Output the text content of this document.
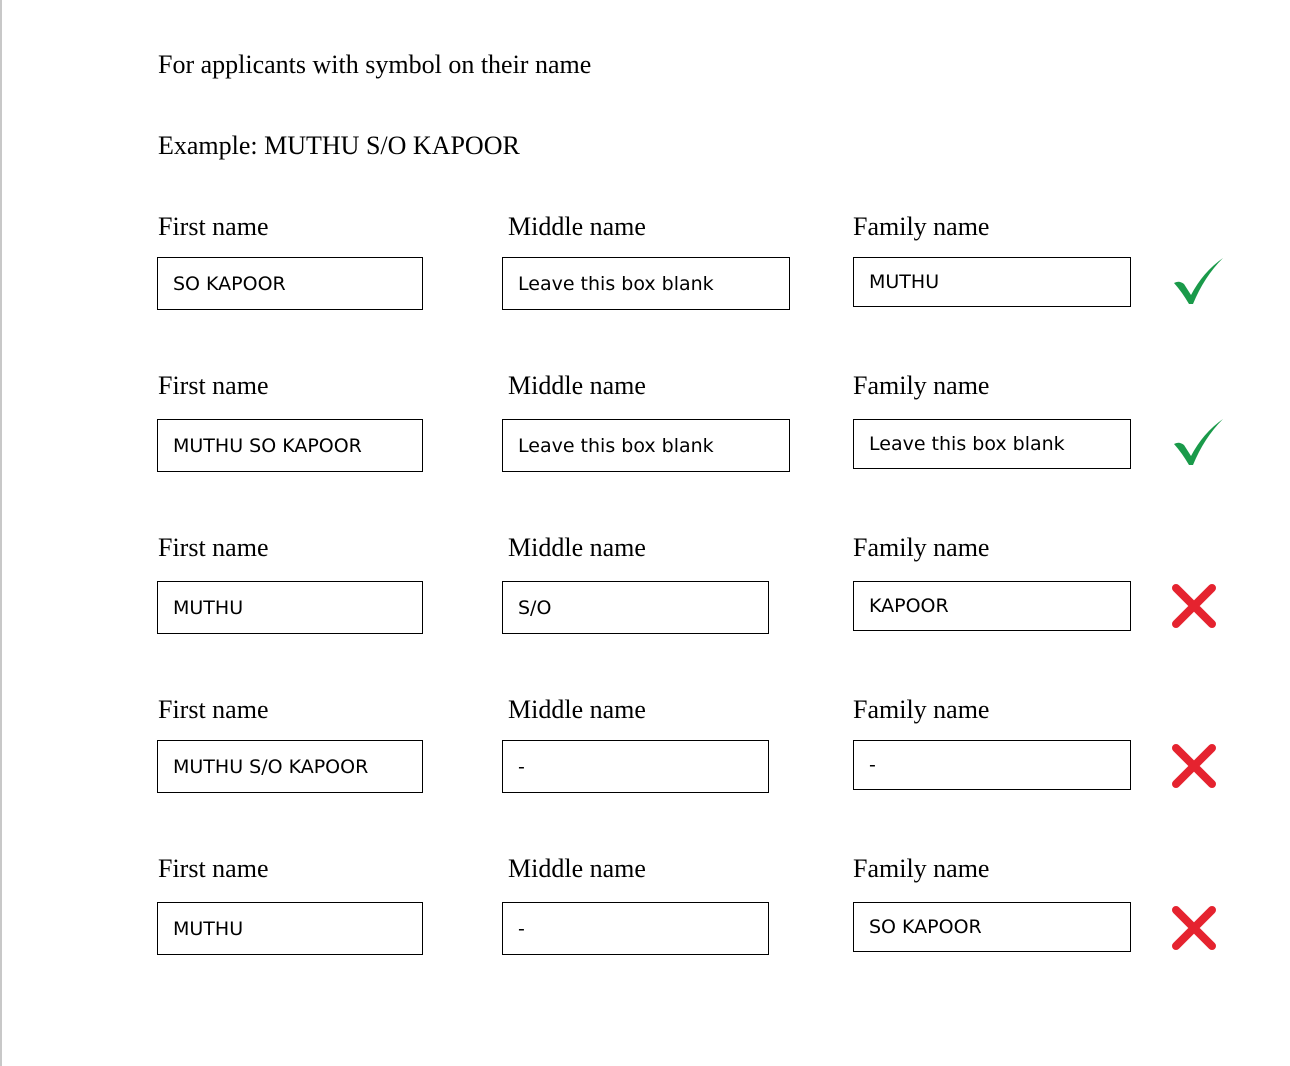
For applicants with symbol on their name
Example: MUTHU S/O KAPOOR
First name	Middle name	Family name
SO KAPOOR	Leave this box blank	MUTHU
First name	Middle name	Family name
MUTHU SO KAPOOR	Leave this box blank	Leave this box blank
First name	Middle name	Family name
MUTHU	S/O	KAPOOR
First name	Middle name	Family name
MUTHU S/O KAPOOR	-	-
First name	Middle name	Family name
MUTHU	-	SO KAPOOR
